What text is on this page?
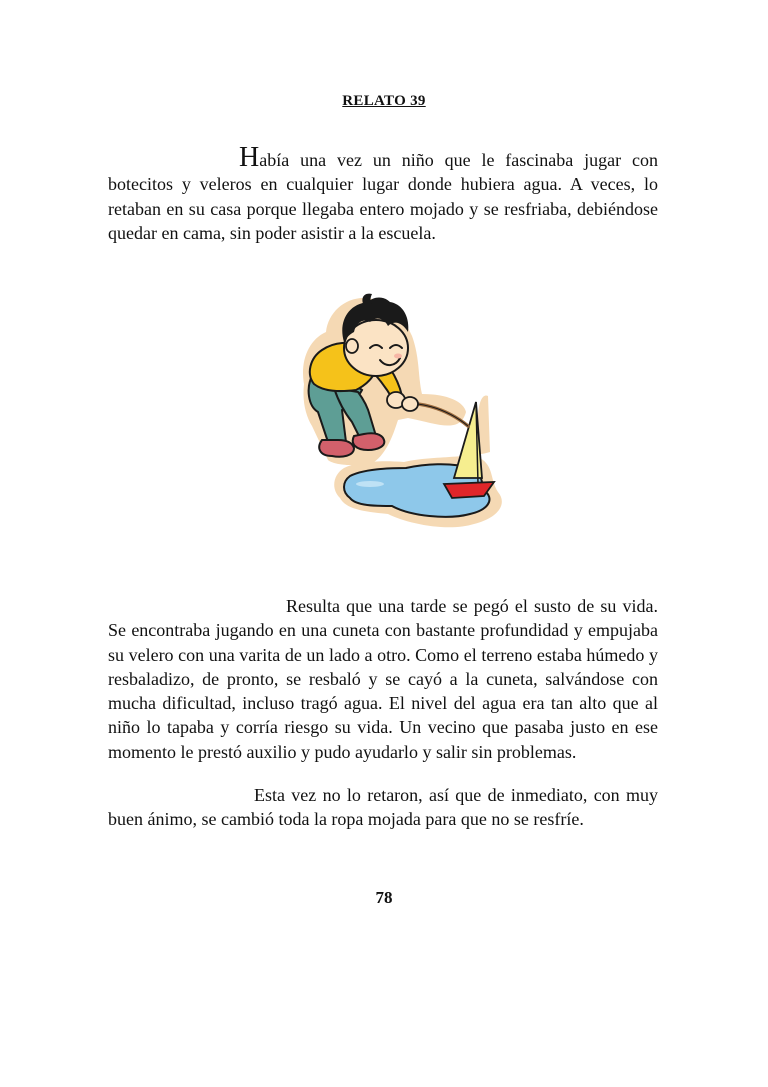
RELATO 39
Había una vez un niño que le fascinaba jugar con botecitos y veleros en cualquier lugar donde hubiera agua. A veces, lo retaban en su casa porque llegaba entero mojado y se resfriaba, debiéndose quedar en cama, sin poder asistir a la escuela.
Resulta que una tarde se pegó el susto de su vida. Se encontraba jugando en una cuneta con bastante profundidad y empujaba su velero con una varita de un lado a otro. Como el terreno estaba húmedo y resbaladizo, de pronto, se resbaló y se cayó a la cuneta, salvándose con mucha dificultad, incluso tragó agua. El nivel del agua era tan alto que al niño lo tapaba y corría riesgo su vida. Un vecino que pasaba justo en ese momento le prestó auxilio y pudo ayudarlo y salir sin problemas.
Esta vez no lo retaron, así que de inmediato, con muy buen ánimo, se cambió toda la ropa mojada para que no se resfríe.
78
